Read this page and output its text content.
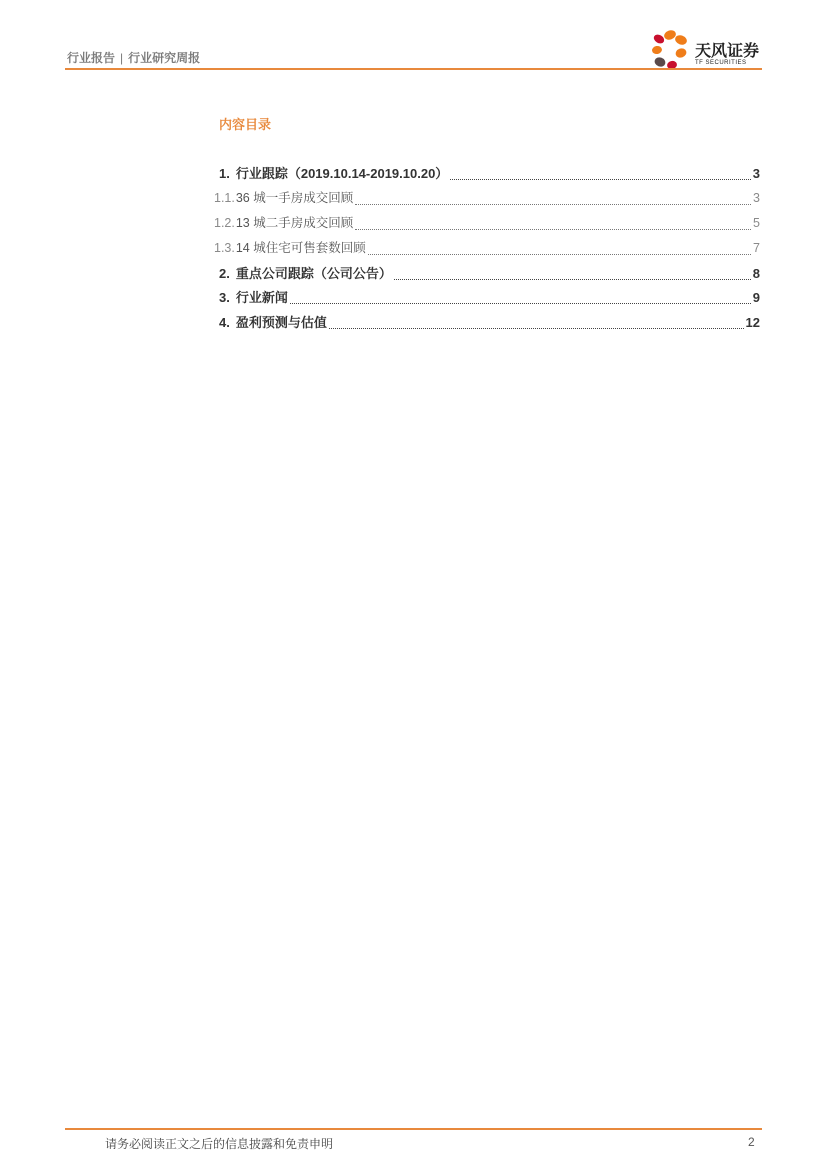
行业报告 | 行业研究周报	天风证券
TF SECURITIES
内容目录
1. 行业跟踪（2019.10.14-2019.10.20）	3
1.1. 36 城一手房成交回顾	3
1.2. 13 城二手房成交回顾	5
1.3. 14 城住宅可售套数回顾	7
2. 重点公司跟踪（公司公告）	8
3. 行业新闻	9
4. 盈利预测与估值	12
请务必阅读正文之后的信息披露和免责申明	2
